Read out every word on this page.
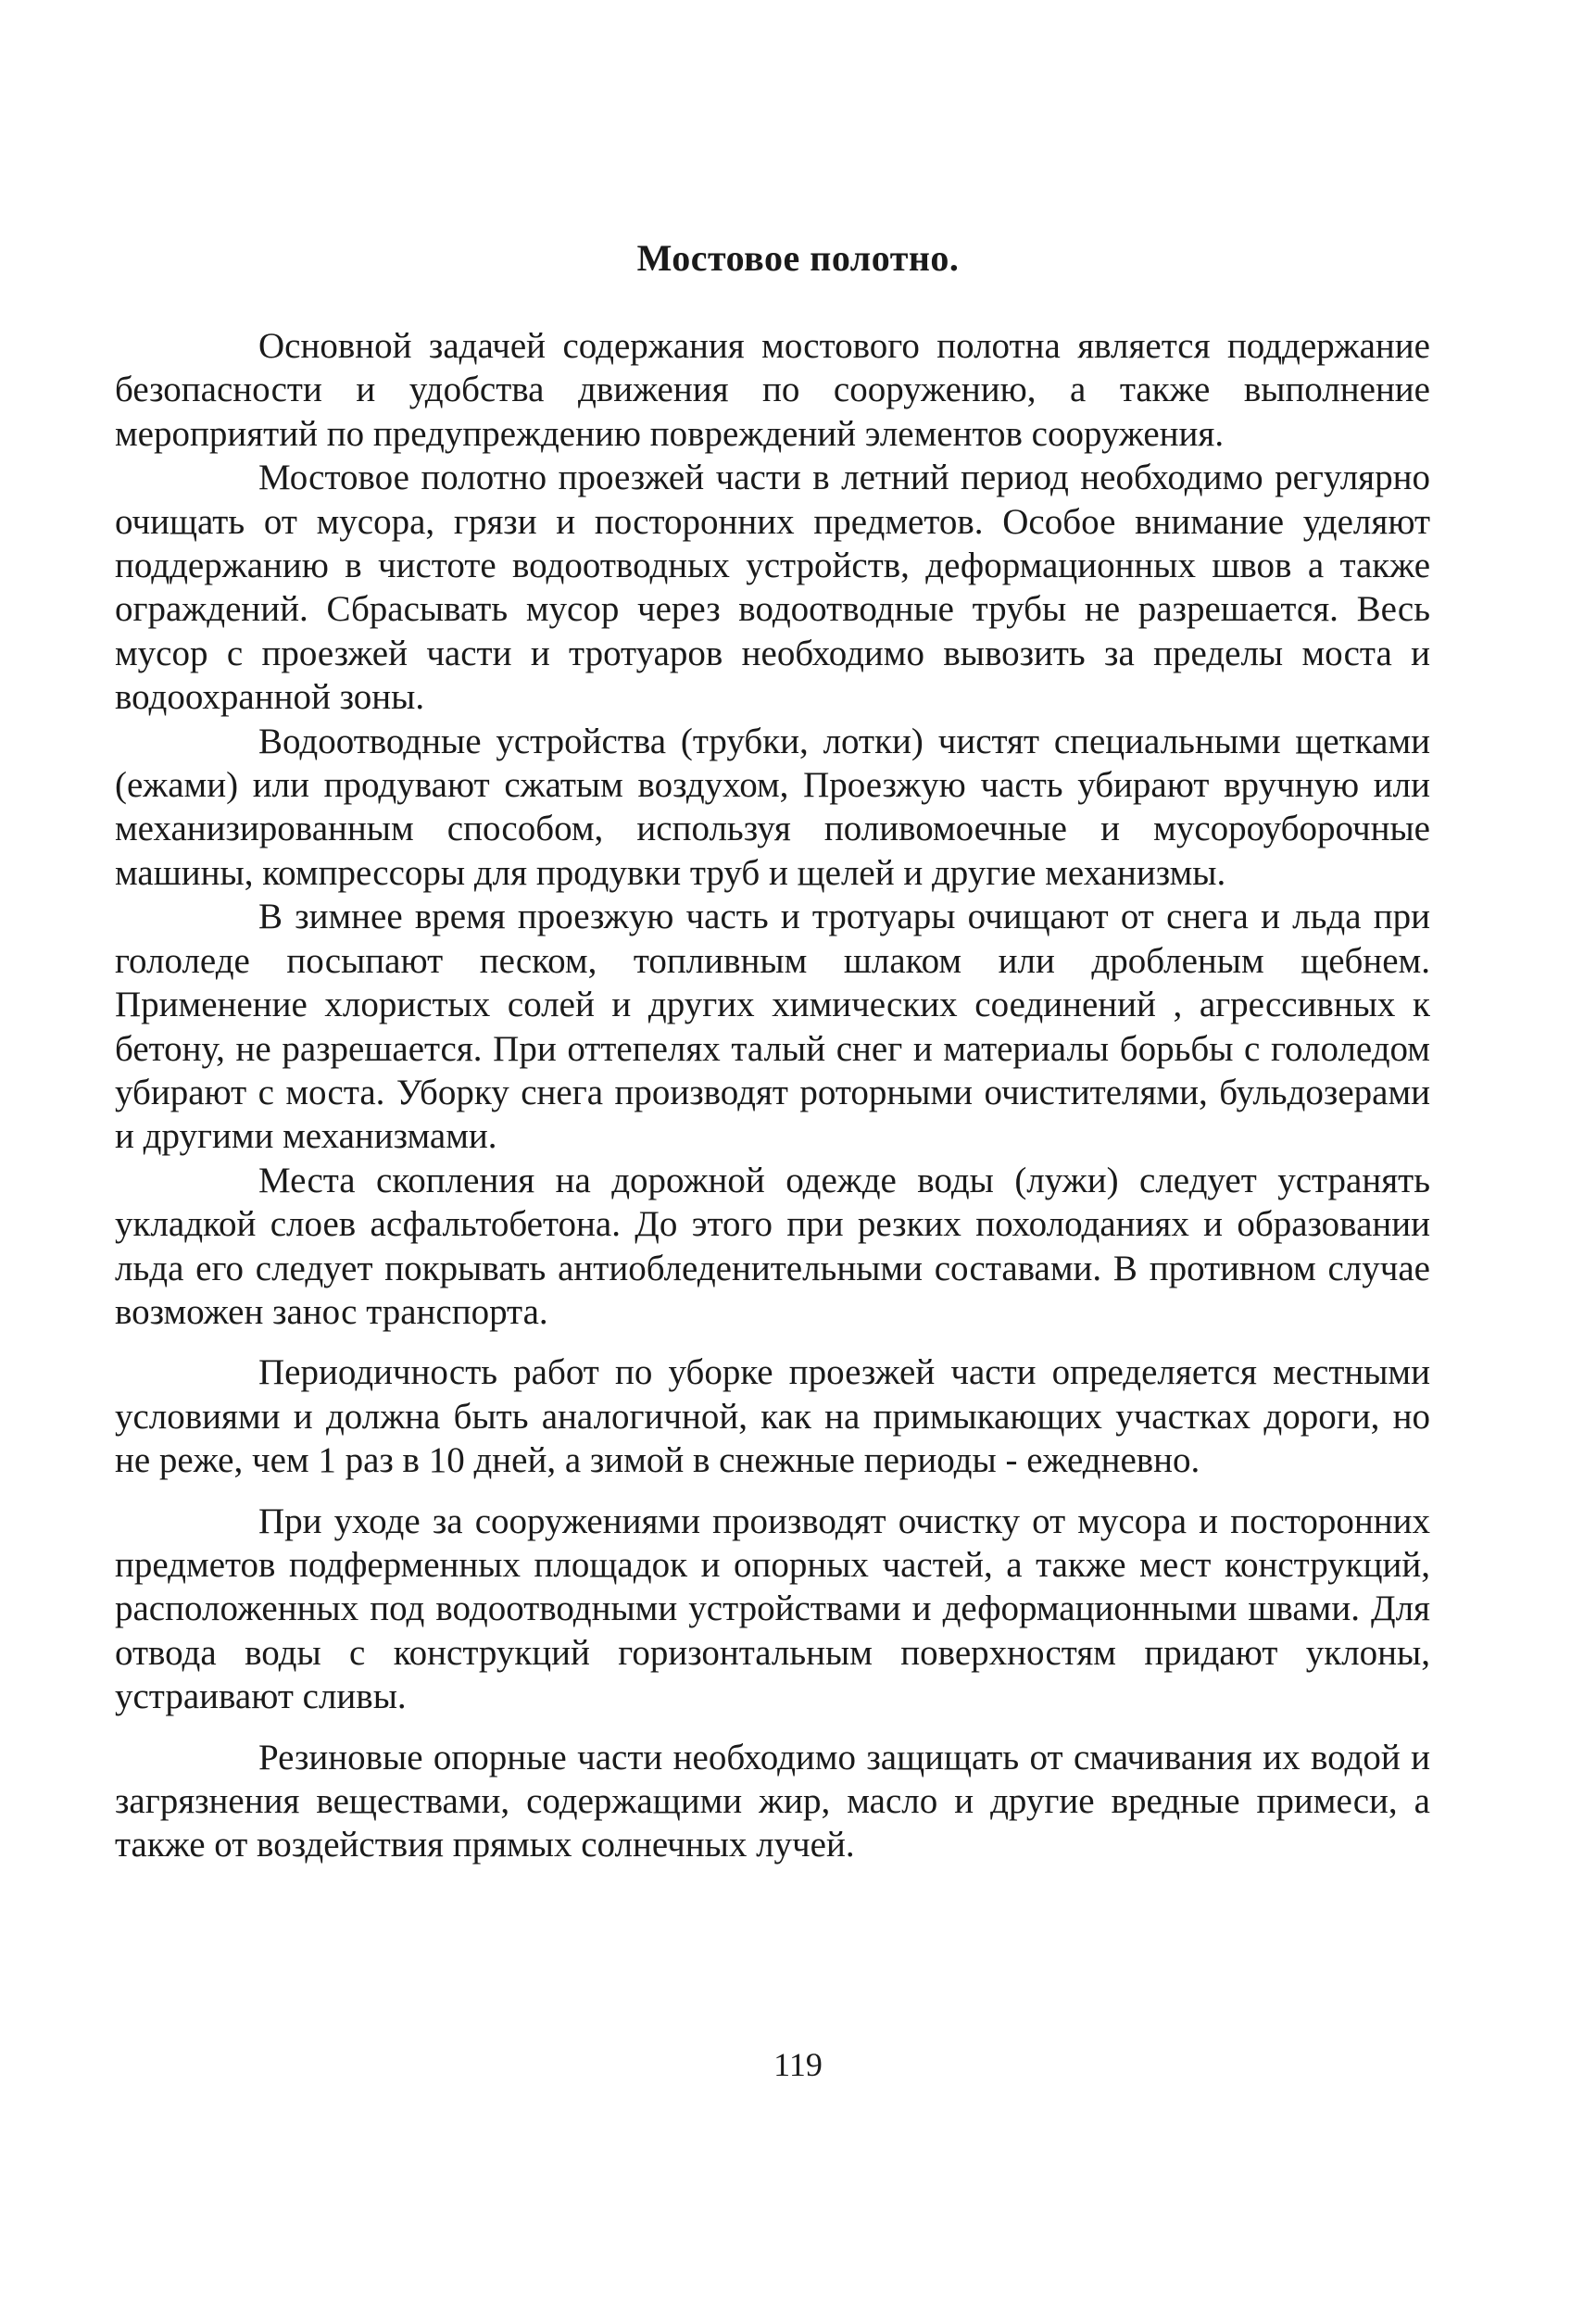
Мостовое полотно.

Основной задачей содержания мостового полотна является поддержание безопасности и удобства движения по сооружению, а также выполнение мероприятий по предупреждению повреждений элементов сооружения.

Мостовое полотно проезжей части в летний период необходимо регулярно очищать от мусора, грязи и посторонних предметов. Особое внимание уделяют поддержанию в чистоте водоотводных устройств, деформационных швов а также ограждений. Сбрасывать мусор через водоотводные трубы не разрешается. Весь мусор с проезжей части и тротуаров необходимо вывозить за пределы моста и водоохранной зоны.

Водоотводные устройства (трубки, лотки) чистят специальными щетками (ежами) или продувают сжатым воздухом, Проезжую часть убирают вручную или механизированным способом, используя поливомоечные и мусороуборочные машины, компрессоры для продувки труб и щелей и другие механизмы.

В зимнее время проезжую часть и тротуары очищают от снега и льда при гололеде посыпают песком, топливным шлаком или дробленым щебнем. Применение хлористых солей и других химических соединений , агрессивных к бетону, не разрешается. При оттепелях талый снег и материалы борьбы с гололедом убирают с моста. Уборку снега производят роторными очистителями, бульдозерами и другими механизмами.

Места скопления на дорожной одежде воды (лужи) следует устранять укладкой слоев асфальтобетона. До этого при резких похолоданиях и образовании льда его следует покрывать антиобледенительными составами. В противном случае возможен занос транспорта.

Периодичность работ по уборке проезжей части определяется местными условиями и должна быть аналогичной, как на примыкающих участках дороги, но не реже, чем 1 раз в 10 дней, а зимой в снежные периоды - ежедневно.

При уходе за сооружениями производят очистку от мусора и посторонних предметов подферменных площадок и опорных частей, а также мест конструкций, расположенных под водоотводными устройствами и деформационными швами. Для отвода воды с конструкций горизонтальным поверхностям придают уклоны, устраивают сливы.

Резиновые опорные части необходимо защищать от смачивания их водой и загрязнения веществами, содержащими жир, масло и другие вредные примеси, а также от воздействия прямых солнечных лучей.

119
